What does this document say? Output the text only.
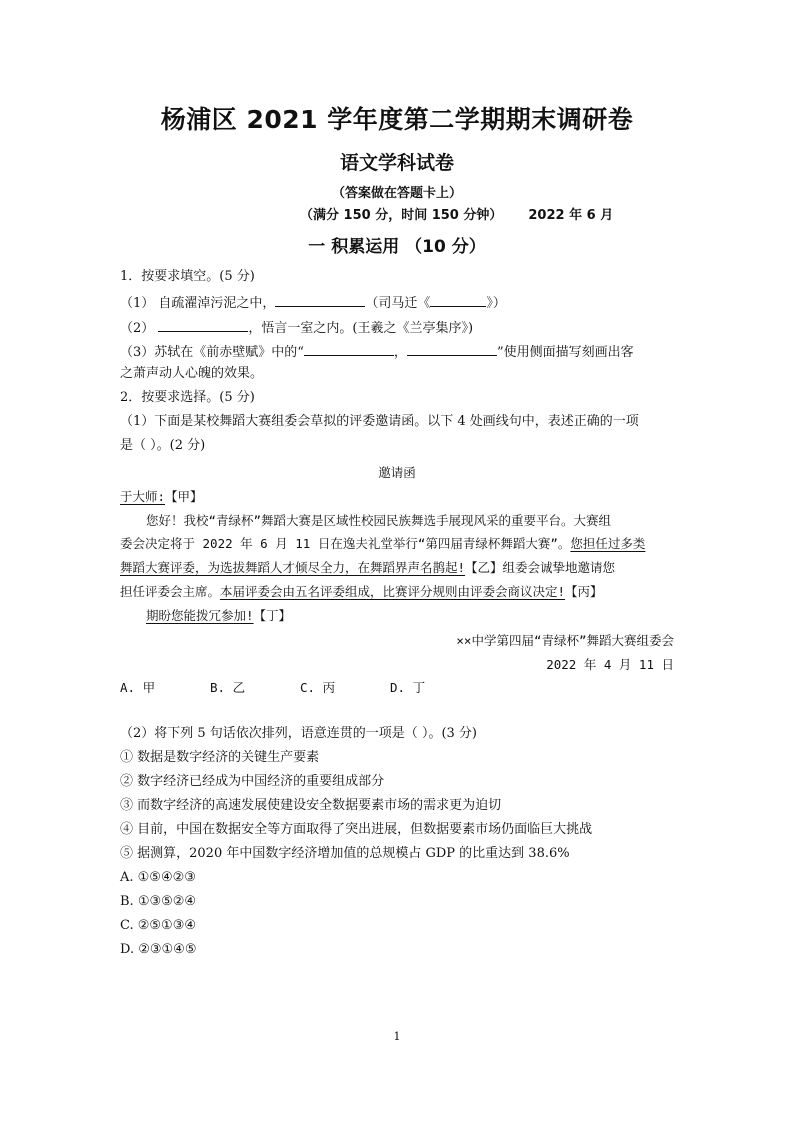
杨浦区 2021 学年度第二学期期末调研卷
语文学科试卷
（答案做在答题卡上）
（满分 150 分，时间 150 分钟） 2022 年 6 月
一 积累运用 （10 分）
1．按要求填空。(5 分)
（1） 自疏濯淖污泥之中，	（司马迁《	》）
（2）	，悟言一室之内。(王羲之《兰亭集序》)
（3）苏轼在《前赤壁赋》中的“	，	”使用侧面描写刻画出客
之萧声动人心魄的效果。
2．按要求选择。(5 分)
（1）下面是某校舞蹈大赛组委会草拟的评委邀请函。以下 4 处画线句中，表述正确的一项
是（ ）。(2 分)
邀请函
于大师:【甲】
您好！我校“青绿杯”舞蹈大赛是区域性校园民族舞选手展现风采的重要平台。大赛组
委会决定将于 2022 年 6 月 11 日在逸夫礼堂举行“第四届青绿杯舞蹈大赛”。您担任过多类
舞蹈大赛评委，为选拔舞蹈人才倾尽全力，在舞蹈界声名鹊起!【乙】组委会诚挚地邀请您
担任评委会主席。本届评委会由五名评委组成，比赛评分规则由评委会商议决定!【丙】
期盼您能拨冗参加!【丁】
××中学第四届“青绿杯”舞蹈大赛组委会
2022 年 4 月 11 日
A. 甲	B. 乙	C. 丙	D. 丁
（2）将下列 5 句话依次排列，语意连贯的一项是（ ）。(3 分)
① 数据是数字经济的关键生产要素
② 数字经济已经成为中国经济的重要组成部分
③ 而数字经济的高速发展使建设安全数据要素市场的需求更为迫切
④ 目前，中国在数据安全等方面取得了突出进展，但数据要素市场仍面临巨大挑战
⑤ 据测算，2020 年中国数字经济增加值的总规模占 GDP 的比重达到 38.6%
A. ①⑤④②③
B. ①③⑤②④
C. ②⑤①③④
D. ②③①④⑤
1
